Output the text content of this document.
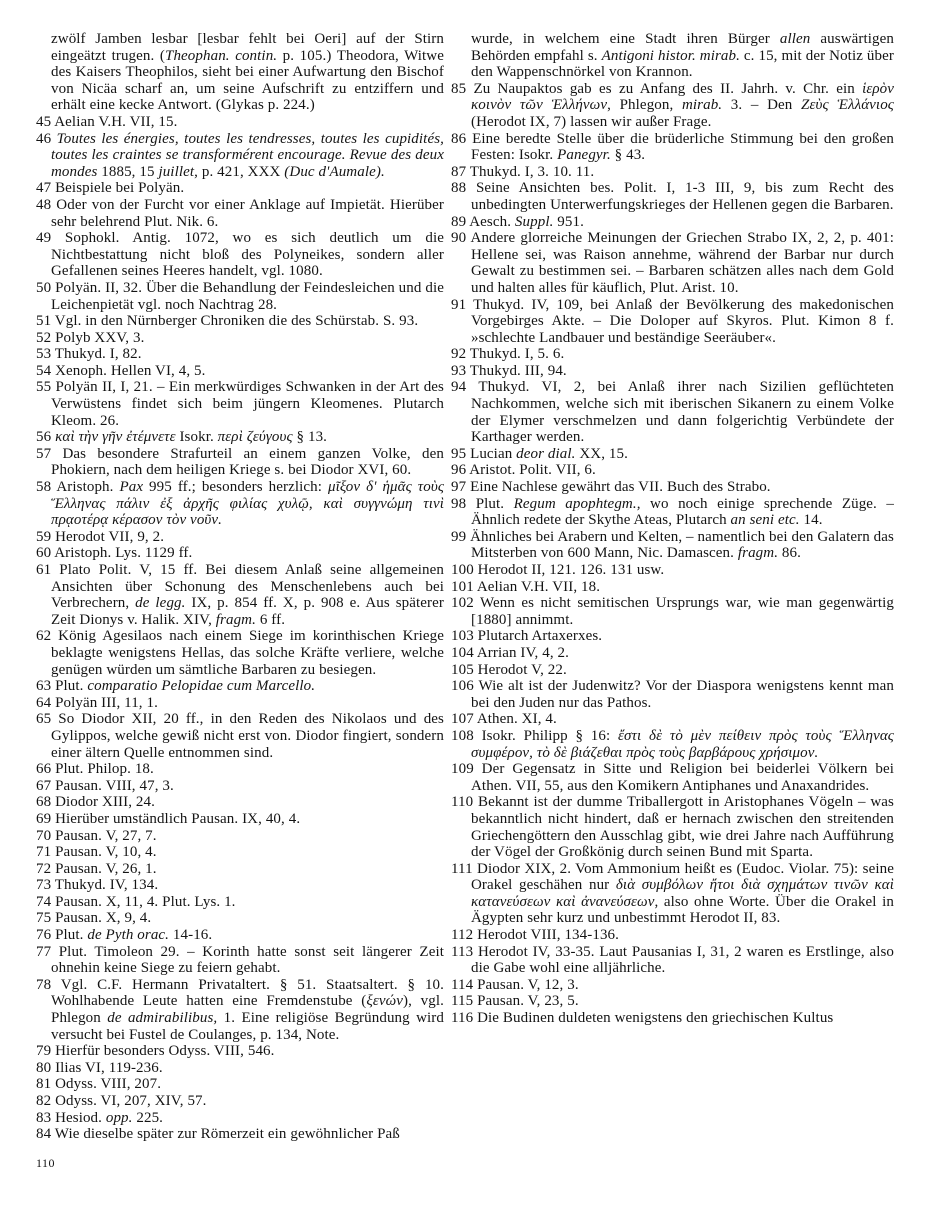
zwölf Jamben lesbar [lesbar fehlt bei Oeri] auf der Stirn eingeätzt trugen. (Theophan. contin. p. 105.) Theodora, Witwe des Kaisers Theophilos, sieht bei einer Aufwartung den Bischof von Nicäa scharf an, um seine Aufschrift zu entziffern und erhält eine kecke Antwort. (Glykas p. 224.)

45 Aelian V.H. VII, 15.

46 Toutes les énergies, toutes les tendresses, toutes les cupidités, toutes les craintes se transformérent encourage. Revue des deux mondes 1885, 15 juillet, p. 421, XXX (Duc d'Aumale).

47 Beispiele bei Polyän.

48 Oder von der Furcht vor einer Anklage auf Impietät. Hierüber sehr belehrend Plut. Nik. 6.

49 Sophokl. Antig. 1072, wo es sich deutlich um die Nichtbestattung nicht bloß des Polyneikes, sondern aller Gefallenen seines Heeres handelt, vgl. 1080.

50 Polyän. II, 32. Über die Behandlung der Feindesleichen und die Leichenpietät vgl. noch Nachtrag 28.

51 Vgl. in den Nürnberger Chroniken die des Schürstab. S. 93.

52 Polyb XXV, 3.

53 Thukyd. I, 82.

54 Xenoph. Hellen VI, 4, 5.

55 Polyän II, I, 21. – Ein merkwürdiges Schwanken in der Art des Verwüstens findet sich beim jüngern Kleomenes. Plutarch Kleom. 26.

56 καὶ τὴν γῆν ἐτέμνετε Isokr. περὶ ζεύγους § 13.

57 Das besondere Strafurteil an einem ganzen Volke, den Phokiern, nach dem heiligen Kriege s. bei Diodor XVI, 60.

58 Aristoph. Pax 995 ff.; besonders herzlich: μῖξον δ' ἡμᾶς τοὺς Ἕλληνας πάλιν ἐξ ἀρχῆς φιλίας χυλῷ, καὶ συγγνώμη τινὶ πρᾳοτέρᾳ κέρασον τὸν νοῦν.

59 Herodot VII, 9, 2.

60 Aristoph. Lys. 1129 ff.

61 Plato Polit. V, 15 ff. Bei diesem Anlaß seine allgemeinen Ansichten über Schonung des Menschenlebens auch bei Verbrechern, de legg. IX, p. 854 ff. X, p. 908 e. Aus späterer Zeit Dionys v. Halik. XIV, fragm. 6 ff.

62 König Agesilaos nach einem Siege im korinthischen Kriege beklagte wenigstens Hellas, das solche Kräfte verliere, welche genügen würden um sämtliche Barbaren zu besiegen.

63 Plut. comparatio Pelopidae cum Marcello.

64 Polyän III, 11, 1.

65 So Diodor XII, 20 ff., in den Reden des Nikolaos und des Gylippos, welche gewiß nicht erst von. Diodor fingiert, sondern einer ältern Quelle entnommen sind.

66 Plut. Philop. 18.

67 Pausan. VIII, 47, 3.

68 Diodor XIII, 24.

69 Hierüber umständlich Pausan. IX, 40, 4.

70 Pausan. V, 27, 7.

71 Pausan. V, 10, 4.

72 Pausan. V, 26, 1.

73 Thukyd. IV, 134.

74 Pausan. X, 11, 4. Plut. Lys. 1.

75 Pausan. X, 9, 4.

76 Plut. de Pyth orac. 14-16.

77 Plut. Timoleon 29. – Korinth hatte sonst seit längerer Zeit ohnehin keine Siege zu feiern gehabt.

78 Vgl. C.F. Hermann Privataltert. § 51. Staatsaltert. § 10. Wohlhabende Leute hatten eine Fremdenstube (ξενών), vgl. Phlegon de admirabilibus, 1. Eine religiöse Begründung wird versucht bei Fustel de Coulanges, p. 134, Note.

79 Hierfür besonders Odyss. VIII, 546.

80 Ilias VI, 119-236.

81 Odyss. VIII, 207.

82 Odyss. VI, 207, XIV, 57.

83 Hesiod. opp. 225.

84 Wie dieselbe später zur Römerzeit ein gewöhnlicher Paß

wurde, in welchem eine Stadt ihren Bürger allen auswärtigen Behörden empfahl s. Antigoni histor. mirab. c. 15, mit der Notiz über den Wappenschnörkel von Krannon.

85 Zu Naupaktos gab es zu Anfang des II. Jahrh. v. Chr. ein ἱερὸν κοινὸν τῶν Ἑλλήνων, Phlegon, mirab. 3. – Den Ζεὺς Ἑλλάνιος (Herodot IX, 7) lassen wir außer Frage.

86 Eine beredte Stelle über die brüderliche Stimmung bei den großen Festen: Isokr. Panegyr. § 43.

87 Thukyd. I, 3. 10. 11.

88 Seine Ansichten bes. Polit. I, 1-3 III, 9, bis zum Recht des unbedingten Unterwerfungskrieges der Hellenen gegen die Barbaren.

89 Aesch. Suppl. 951.

90 Andere glorreiche Meinungen der Griechen Strabo IX, 2, 2, p. 401: Hellene sei, was Raison annehme, während der Barbar nur durch Gewalt zu bestimmen sei. – Barbaren schätzen alles nach dem Gold und halten alles für käuflich, Plut. Arist. 10.

91 Thukyd. IV, 109, bei Anlaß der Bevölkerung des makedonischen Vorgebirges Akte. – Die Doloper auf Skyros. Plut. Kimon 8 f. »schlechte Landbauer und beständige Seeräuber«.

92 Thukyd. I, 5. 6.

93 Thukyd. III, 94.

94 Thukyd. VI, 2, bei Anlaß ihrer nach Sizilien geflüchteten Nachkommen, welche sich mit iberischen Sikanern zu einem Volke der Elymer verschmelzen und dann folgerichtig Verbündete der Karthager werden.

95 Lucian deor dial. XX, 15.

96 Aristot. Polit. VII, 6.

97 Eine Nachlese gewährt das VII. Buch des Strabo.

98 Plut. Regum apophtegm., wo noch einige sprechende Züge. – Ähnlich redete der Skythe Ateas, Plutarch an seni etc. 14.

99 Ähnliches bei Arabern und Kelten, – namentlich bei den Galatern das Mitsterben von 600 Mann, Nic. Damascen. fragm. 86.

100 Herodot II, 121. 126. 131 usw.

101 Aelian V.H. VII, 18.

102 Wenn es nicht semitischen Ursprungs war, wie man gegenwärtig [1880] annimmt.

103 Plutarch Artaxerxes.

104 Arrian IV, 4, 2.

105 Herodot V, 22.

106 Wie alt ist der Judenwitz? Vor der Diaspora wenigstens kennt man bei den Juden nur das Pathos.

107 Athen. XI, 4.

108 Isokr. Philipp § 16: ἔστι δὲ τὸ μὲν πείθειν πρὸς τοὺς Ἕλληνας συμφέρον, τὸ δὲ βιάζεθαι πρὸς τοὺς βαρβάρους χρήσιμον.

109 Der Gegensatz in Sitte und Religion bei beiderlei Völkern bei Athen. VII, 55, aus den Komikern Antiphanes und Anaxandrides.

110 Bekannt ist der dumme Triballergott in Aristophanes Vögeln – was bekanntlich nicht hindert, daß er hernach zwischen den streitenden Griechengöttern den Ausschlag gibt, wie drei Jahre nach Aufführung der Vögel der Großkönig durch seinen Bund mit Sparta.

111 Diodor XIX, 2. Vom Ammonium heißt es (Eudoc. Violar. 75): seine Orakel geschähen nur διὰ συμβόλων ἤτοι διὰ σχημάτων τινῶν καὶ κατανεύσεων καὶ ἀνανεύσεων, also ohne Worte. Über die Orakel in Ägypten sehr kurz und unbestimmt Herodot II, 83.

112 Herodot VIII, 134-136.

113 Herodot IV, 33-35. Laut Pausanias I, 31, 2 waren es Erstlinge, also die Gabe wohl eine alljährliche.

114 Pausan. V, 12, 3.

115 Pausan. V, 23, 5.

116 Die Budinen duldeten wenigstens den griechischen Kultus

110
